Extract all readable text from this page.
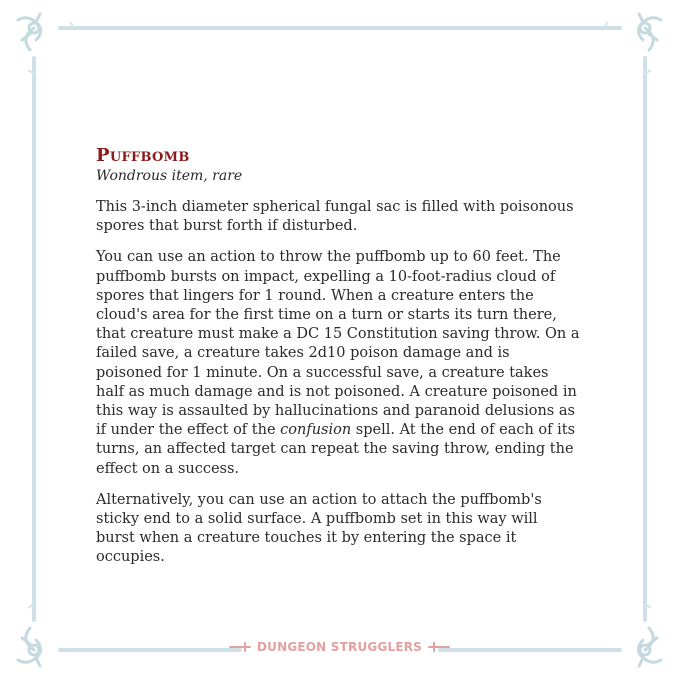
Puffbomb

Wondrous item, rare

This 3-inch diameter spherical fungal sac is filled with poisonous spores that burst forth if disturbed.

You can use an action to throw the puffbomb up to 60 feet. The puffbomb bursts on impact, expelling a 10-foot-radius cloud of spores that lingers for 1 round. When a creature enters the cloud's area for the first time on a turn or starts its turn there, that creature must make a DC 15 Constitution saving throw. On a failed save, a creature takes 2d10 poison damage and is poisoned for 1 minute. On a successful save, a creature takes half as much damage and is not poisoned. A creature poisoned in this way is assaulted by hallucinations and paranoid delusions as if under the effect of the confusion spell. At the end of each of its turns, an affected target can repeat the saving throw, ending the effect on a success.

Alternatively, you can use an action to attach the puffbomb's sticky end to a solid surface. A puffbomb set in this way will burst when a creature touches it by entering the space it occupies.

DUNGEON STRUGGLERS
